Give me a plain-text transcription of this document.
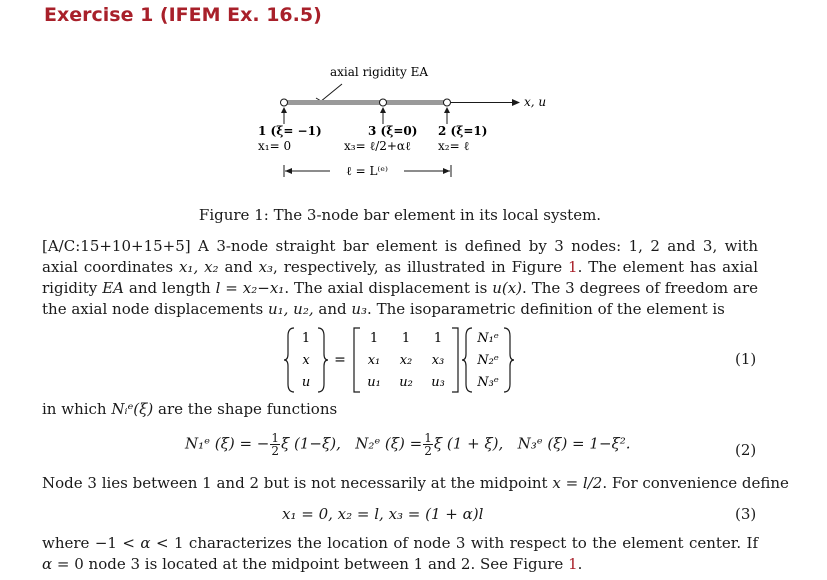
Exercise 1 (IFEM Ex. 16.5)
axial rigidity EA
x, u
1 (ξ= −1)
x₁= 0
3 (ξ=0)
x₃= ℓ/2+αℓ
2 (ξ=1)
x₂= ℓ
ℓ = L⁽ᵉ⁾
Figure 1: The 3-node bar element in its local system.
[A/C:15+10+15+5] A 3-node straight bar element is defined by 3 nodes: 1, 2 and 3, with axial coordinates x₁, x₂ and x₃, respectively, as illustrated in Figure 1. The element has axial rigidity EA and length l = x₂−x₁. The axial displacement is u(x). The 3 degrees of freedom are the axial node displacements u₁, u₂, and u₃. The isoparametric definition of the element is
1
x
u
=
1 1 1
x₁ x₂ x₃
u₁ u₂ u₃
N₁ᵉ
N₂ᵉ
N₃ᵉ
(1)
in which Nᵢᵉ(ξ) are the shape functions
N₁ᵉ (ξ) = − $\frac{1}{2}$ ξ (1−ξ), N₂ᵉ $(\xi) = \frac{1}{2}$ ξ (1 + ξ), N₃ᵉ (ξ) = 1−ξ².	(2)
Node 3 lies between 1 and 2 but is not necessarily at the midpoint x = l/2. For convenience define
x₁ = 0, x₂ = l, x₃ = (1 + α)l	(3)
where −1 < α < 1 characterizes the location of node 3 with respect to the element center. If α = 0 node 3 is located at the midpoint between 1 and 2. See Figure 1.
